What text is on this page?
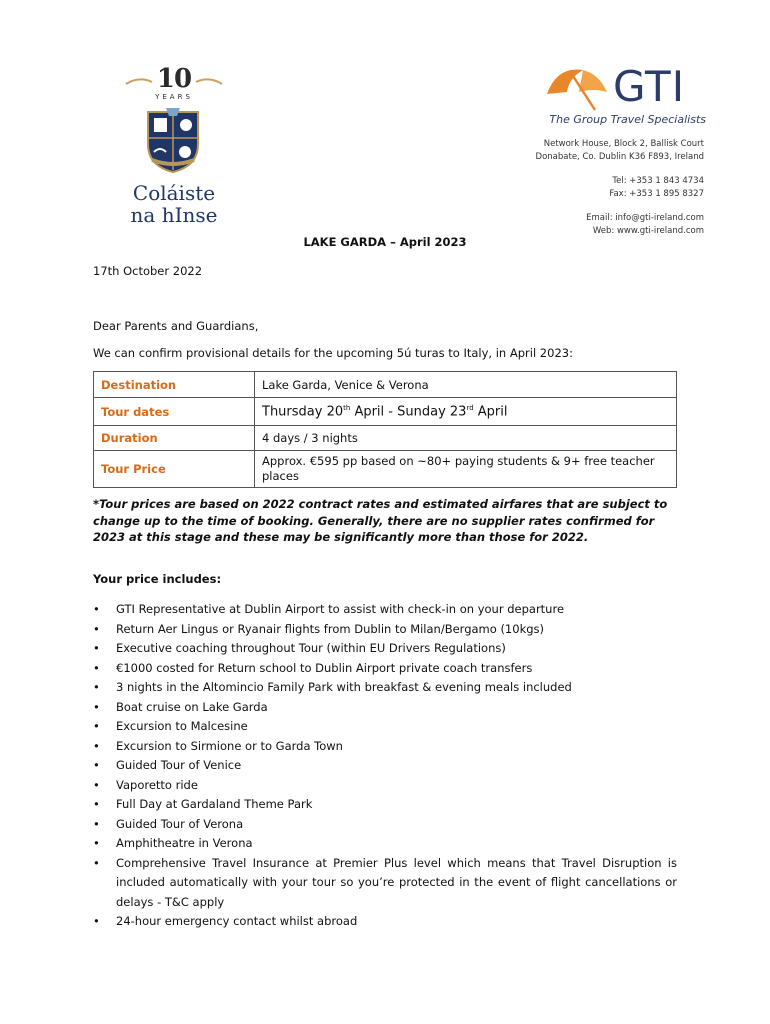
10
YEARS
Coláiste
na hInse
GTI
The Group Travel Specialists
Network House, Block 2, Ballisk Court
Donabate, Co. Dublin K36 F893, Ireland
Tel: +353 1 843 4734
Fax: +353 1 895 8327
Email: info@gti-ireland.com
Web: www.gti-ireland.com
LAKE GARDA – April 2023
17th October 2022
Dear Parents and Guardians,
We can confirm provisional details for the upcoming 5ú turas to Italy, in April 2023:
Destination	Lake Garda, Venice & Verona
Tour dates	Thursday 20th April - Sunday 23rd April
Duration	4 days / 3 nights
Tour Price	Approx. €595 pp based on ~80+ paying students & 9+ free teacher places
*Tour prices are based on 2022 contract rates and estimated airfares that are subject to change up to the time of booking. Generally, there are no supplier rates confirmed for 2023 at this stage and these may be significantly more than those for 2022.
Your price includes:
• GTI Representative at Dublin Airport to assist with check-in on your departure
• Return Aer Lingus or Ryanair flights from Dublin to Milan/Bergamo (10kgs)
• Executive coaching throughout Tour (within EU Drivers Regulations)
• €1000 costed for Return school to Dublin Airport private coach transfers
• 3 nights in the Altomincio Family Park with breakfast & evening meals included
• Boat cruise on Lake Garda
• Excursion to Malcesine
• Excursion to Sirmione or to Garda Town
• Guided Tour of Venice
• Vaporetto ride
• Full Day at Gardaland Theme Park
• Guided Tour of Verona
• Amphitheatre in Verona
• Comprehensive Travel Insurance at Premier Plus level which means that Travel Disruption is included automatically with your tour so you’re protected in the event of flight cancellations or delays - T&C apply
• 24-hour emergency contact whilst abroad
